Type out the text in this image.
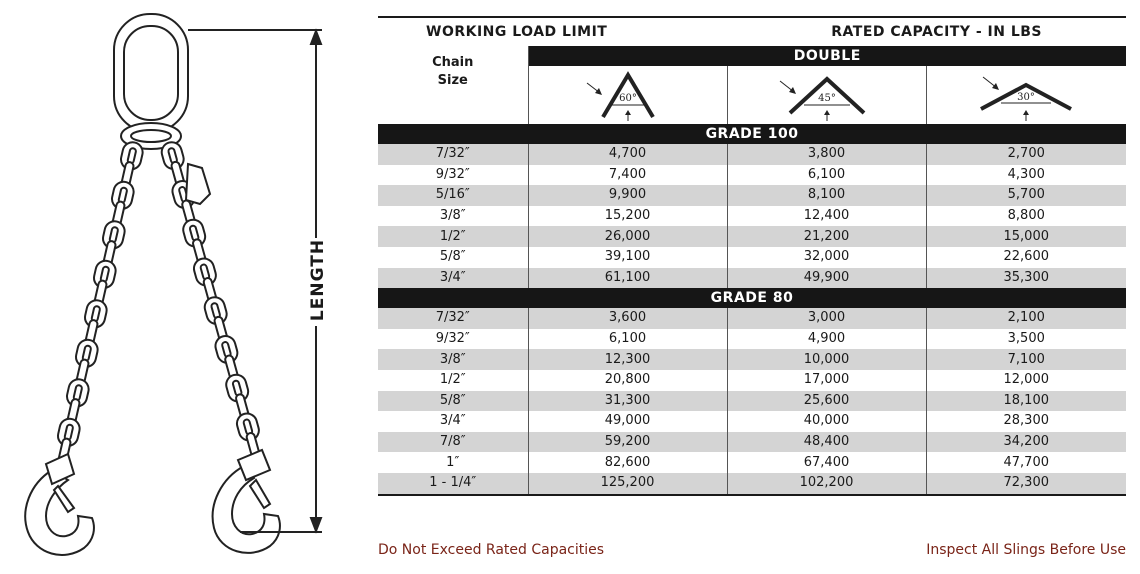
LENGTH
WORKING LOAD LIMIT		RATED CAPACITY - IN LBS	
Chain
Size	DOUBLE		

60°	45°	30°

GRADE 100			
7/32″	4,700	3,800	2,700
9/32″	7,400	6,100	4,300
5/16″	9,900	8,100	5,700
3/8″	15,200	12,400	8,800
1/2″	26,000	21,200	15,000
5/8″	39,100	32,000	22,600
3/4″	61,100	49,900	35,300
GRADE 80			
7/32″	3,600	3,000	2,100
9/32″	6,100	4,900	3,500
3/8″	12,300	10,000	7,100
1/2″	20,800	17,000	12,000
5/8″	31,300	25,600	18,100
3/4″	49,000	40,000	28,300
7/8″	59,200	48,400	34,200
1″	82,600	67,400	47,700
1 - 1/4″	125,200	102,200	72,300
Do Not Exceed Rated Capacities	Inspect All Slings Before Use
